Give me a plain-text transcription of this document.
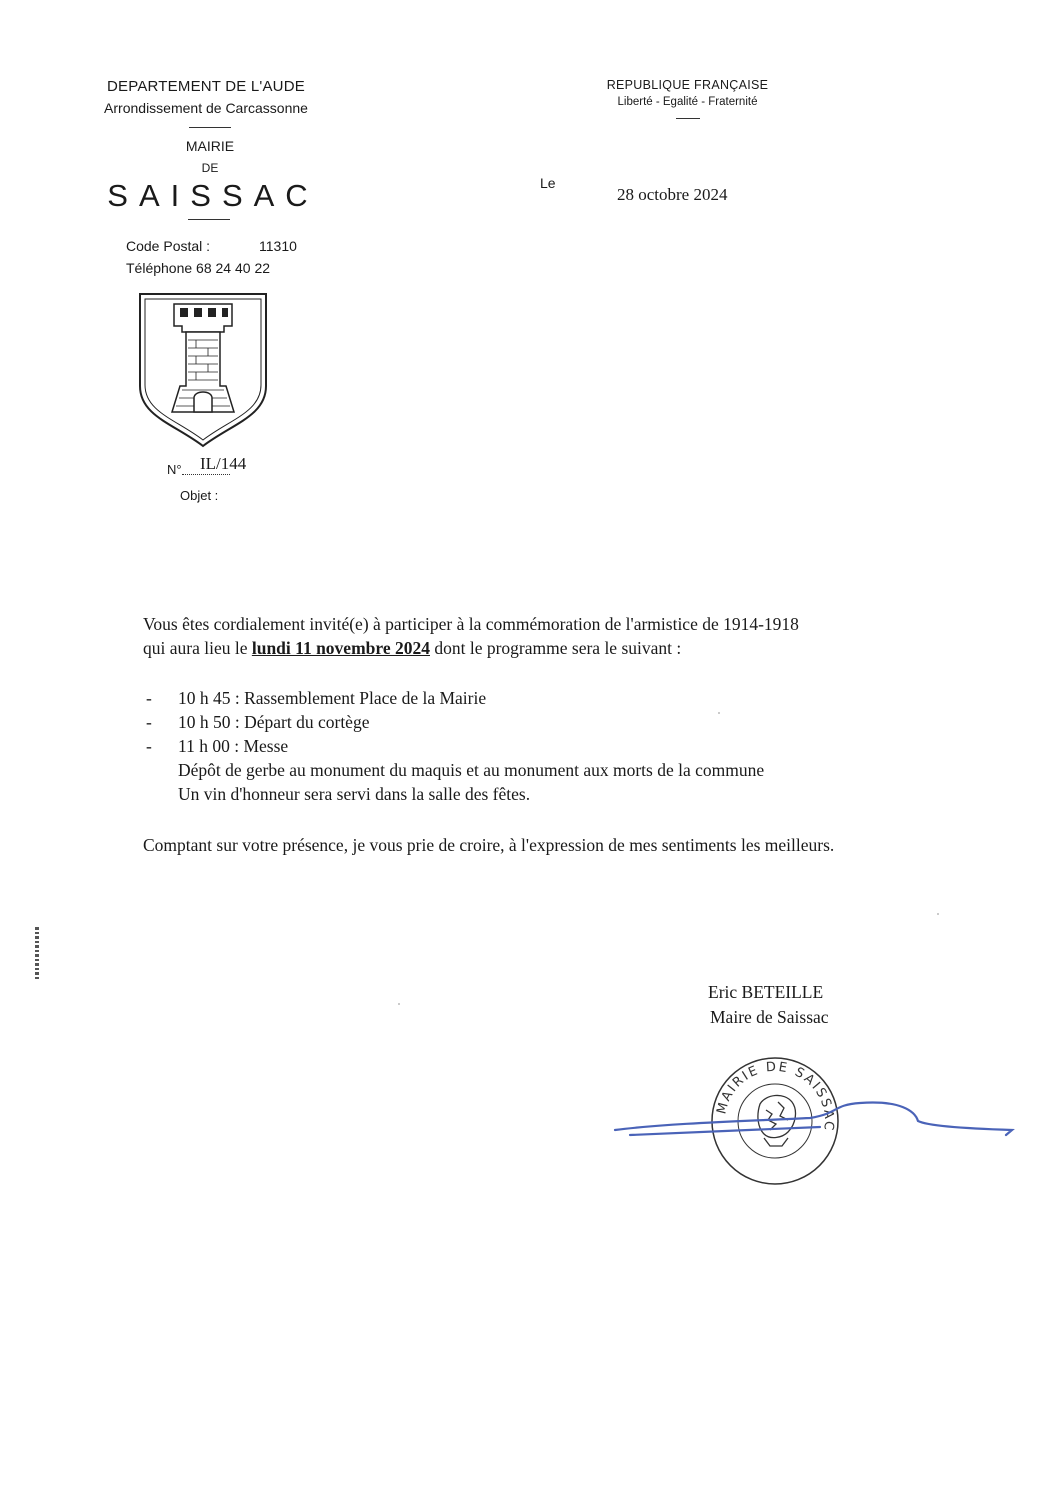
DEPARTEMENT DE L'AUDE
Arrondissement de Carcassonne
MAIRIE
DE
SAISSAC
Code Postal :	11310
Téléphone 68 24 40 22
N° IL/144
Objet :
REPUBLIQUE FRANÇAISE
Liberté - Egalité - Fraternité
Le
28 octobre 2024
Vous êtes cordialement invité(e) à participer à la commémoration de l'armistice de 1914-1918
qui aura lieu le lundi 11 novembre 2024 dont le programme sera le suivant :
- 10 h 45 : Rassemblement Place de la Mairie
- 10 h 50 : Départ du cortège
- 11 h 00 : Messe
Dépôt de gerbe au monument du maquis et au monument aux morts de la commune
Un vin d'honneur sera servi dans la salle des fêtes.
Comptant sur votre présence, je vous prie de croire, à l'expression de mes sentiments les meilleurs.
Eric BETEILLE
Maire de Saissac
MAIRIE DE SAISSAC
